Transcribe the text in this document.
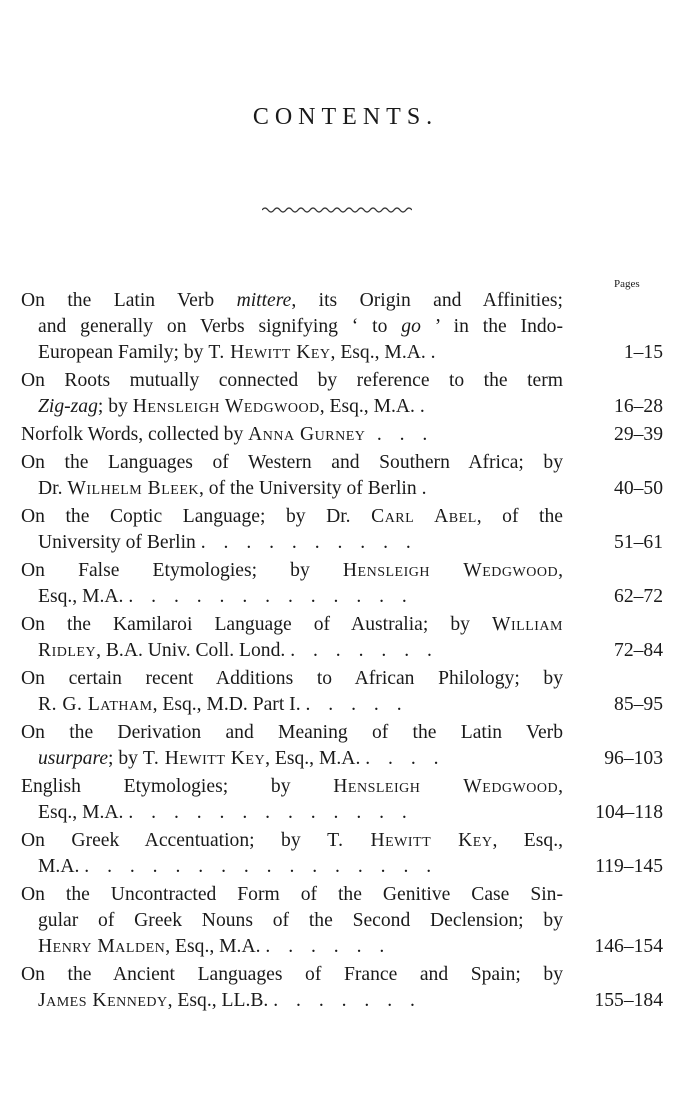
CONTENTS.
Pages
On the Latin Verb mittere, its Origin and Affinities;
and generally on Verbs signifying ‘ to go ’ in the Indo-
European Family; by T. Hewitt Key, Esq., M.A. .	1–15
On Roots mutually connected by reference to the term
Zig-zag; by Hensleigh Wedgwood, Esq., M.A. .	16–28
Norfolk Words, collected by Anna Gurney . . .	29–39
On the Languages of Western and Southern Africa; by
Dr. Wilhelm Bleek, of the University of Berlin .	40–50
On the Coptic Language; by Dr. Carl Abel, of the
University of Berlin . . . . . . . . . .	51–61
On False Etymologies; by Hensleigh Wedgwood,
Esq., M.A. . . . . . . . . . . . . .	62–72
On the Kamilaroi Language of Australia; by William
Ridley, B.A. Univ. Coll. Lond. . . . . . . .	72–84
On certain recent Additions to African Philology; by
R. G. Latham, Esq., M.D. Part I. . . . . .	85–95
On the Derivation and Meaning of the Latin Verb
usurpare; by T. Hewitt Key, Esq., M.A. . . . .	96–103
English Etymologies; by Hensleigh Wedgwood,
Esq., M.A. . . . . . . . . . . . . .	104–118
On Greek Accentuation; by T. Hewitt Key, Esq.,
M.A. . . . . . . . . . . . . . . . .	119–145
On the Uncontracted Form of the Genitive Case Sin-
gular of Greek Nouns of the Second Declension; by
Henry Malden, Esq., M.A. . . . . . .	146–154
On the Ancient Languages of France and Spain; by
James Kennedy, Esq., LL.B. . . . . . . .	155–184
